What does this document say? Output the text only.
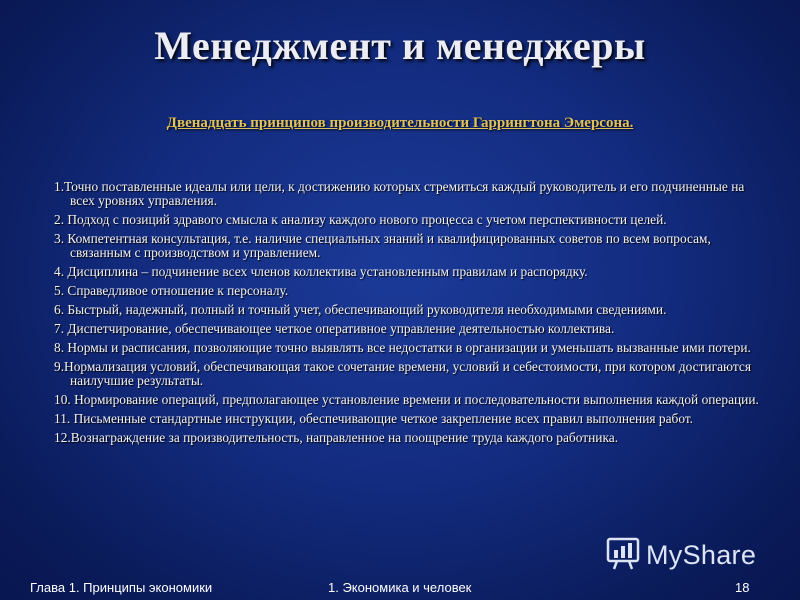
Менеджмент и менеджеры
Двенадцать принципов производительности Гаррингтона Эмерсона.
1.Точно поставленные идеалы или цели, к достижению которых стремиться каждый руководитель и его подчиненные на всех уровнях управления.
2. Подход с позиций здравого смысла к анализу каждого нового процесса с учетом перспективности целей.
3. Компетентная консультация, т.е. наличие специальных знаний и квалифицированных советов по всем вопросам, связанным с производством и управлением.
4. Дисциплина – подчинение всех членов коллектива установленным правилам и распорядку.
5. Справедливое отношение к персоналу.
6. Быстрый, надежный, полный и точный учет, обеспечивающий руководителя необходимыми сведениями.
7. Диспетчирование, обеспечивающее четкое оперативное управление деятельностью коллектива.
8. Нормы и расписания, позволяющие точно выявлять все недостатки в организации и уменьшать вызванные ими потери.
9.Нормализация условий, обеспечивающая такое сочетание времени, условий и себестоимости, при котором достигаются наилучшие результаты.
10. Нормирование операций, предполагающее установление времени и последовательности выполнения каждой операции.
11. Письменные стандартные инструкции, обеспечивающие четкое закрепление всех правил выполнения работ.
12.Вознаграждение за производительность, направленное на поощрение труда каждого работника.
MyShare
Глава 1. Принципы экономики	1. Экономика и человек	18
